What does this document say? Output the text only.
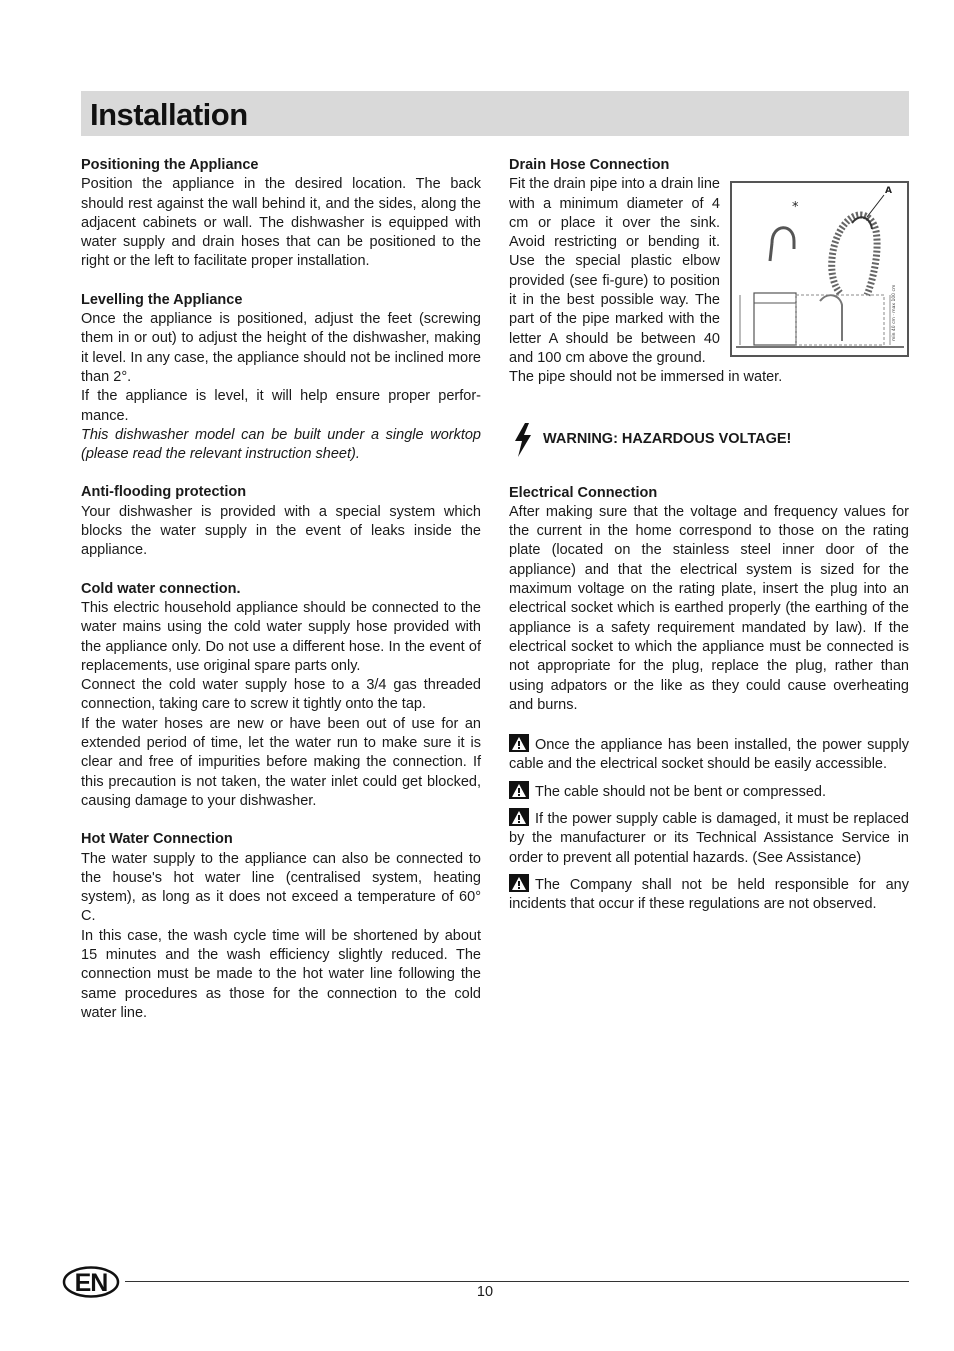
Installation
Positioning the Appliance

Position the appliance in the desired location. The back should rest against the wall behind it, and the sides, along the adjacent cabinets or wall. The dishwasher is equipped with water supply and drain hoses that can be positioned to the right or the left to facilitate proper installation.

Levelling the Appliance

Once the appliance is positioned, adjust the feet (screwing them in or out) to adjust the height of the dishwasher, making it level. In any case, the appliance should not be inclined more than 2°.

If the appliance is level, it will help ensure proper perfor-mance.

This dishwasher model can be built under a single worktop (please read the relevant instruction sheet).

Anti-flooding protection

Your dishwasher is provided with a special system which blocks the water supply in the event of leaks inside the appliance.

Cold water connection.

This electric household appliance should be connected to the water mains using the cold water supply hose provided with the appliance only. Do not use a different hose. In the event of replacements, use original spare parts only.

Connect the cold water supply hose to a 3/4 gas threaded connection, taking care to screw it tightly onto the tap.

If the water hoses are new or have been out of use for an extended period of time, let the water run to make sure it is clear and free of impurities before making the connection. If this precaution is not taken, the water inlet could get blocked, causing damage to your dishwasher.

Hot Water Connection

The water supply to the appliance can also be connected to the house's hot water line (centralised system, heating system), as long as it does not exceed a temperature of 60° C.

In this case, the wash cycle time will be shortened by about 15 minutes and the wash efficiency slightly reduced. The connection must be made to the hot water line following the same procedures as those for the connection to the cold water line.

Drain Hose Connection
*
A
min 40 cm · max 100 cm

Fit the drain pipe into a drain line with a minimum diameter of 4 cm or place it over the sink. Avoid restricting or bending it. Use the special plastic elbow provided (see fi-gure) to position it in the best possible way. The part of the pipe marked with the letter A should be between 40 and 100 cm above the ground.

The pipe should not be immersed in water.

WARNING: HAZARDOUS VOLTAGE!
Electrical Connection

After making sure that the voltage and frequency values for the current in the home correspond to those on the rating plate (located on the stainless steel inner door of the appliance) and that the electrical system is sized for the maximum voltage on the rating plate, insert the plug into an electrical socket which is earthed properly (the earthing of the appliance is a safety requirement mandated by law). If the electrical socket to which the appliance must be connected is not appropriate for the plug, replace the plug, rather than using adpators or the like as they could cause overheating and burns.

Once the appliance has been installed, the power supply cable and the electrical socket should be easily accessible.

The cable should not be bent or compressed.

If the power supply cable is damaged, it must be replaced by the manufacturer or its Technical Assistance Service in order to prevent all potential hazards. (See Assistance)

The Company shall not be held responsible for any incidents that occur if these regulations are not observed.

EN	10
